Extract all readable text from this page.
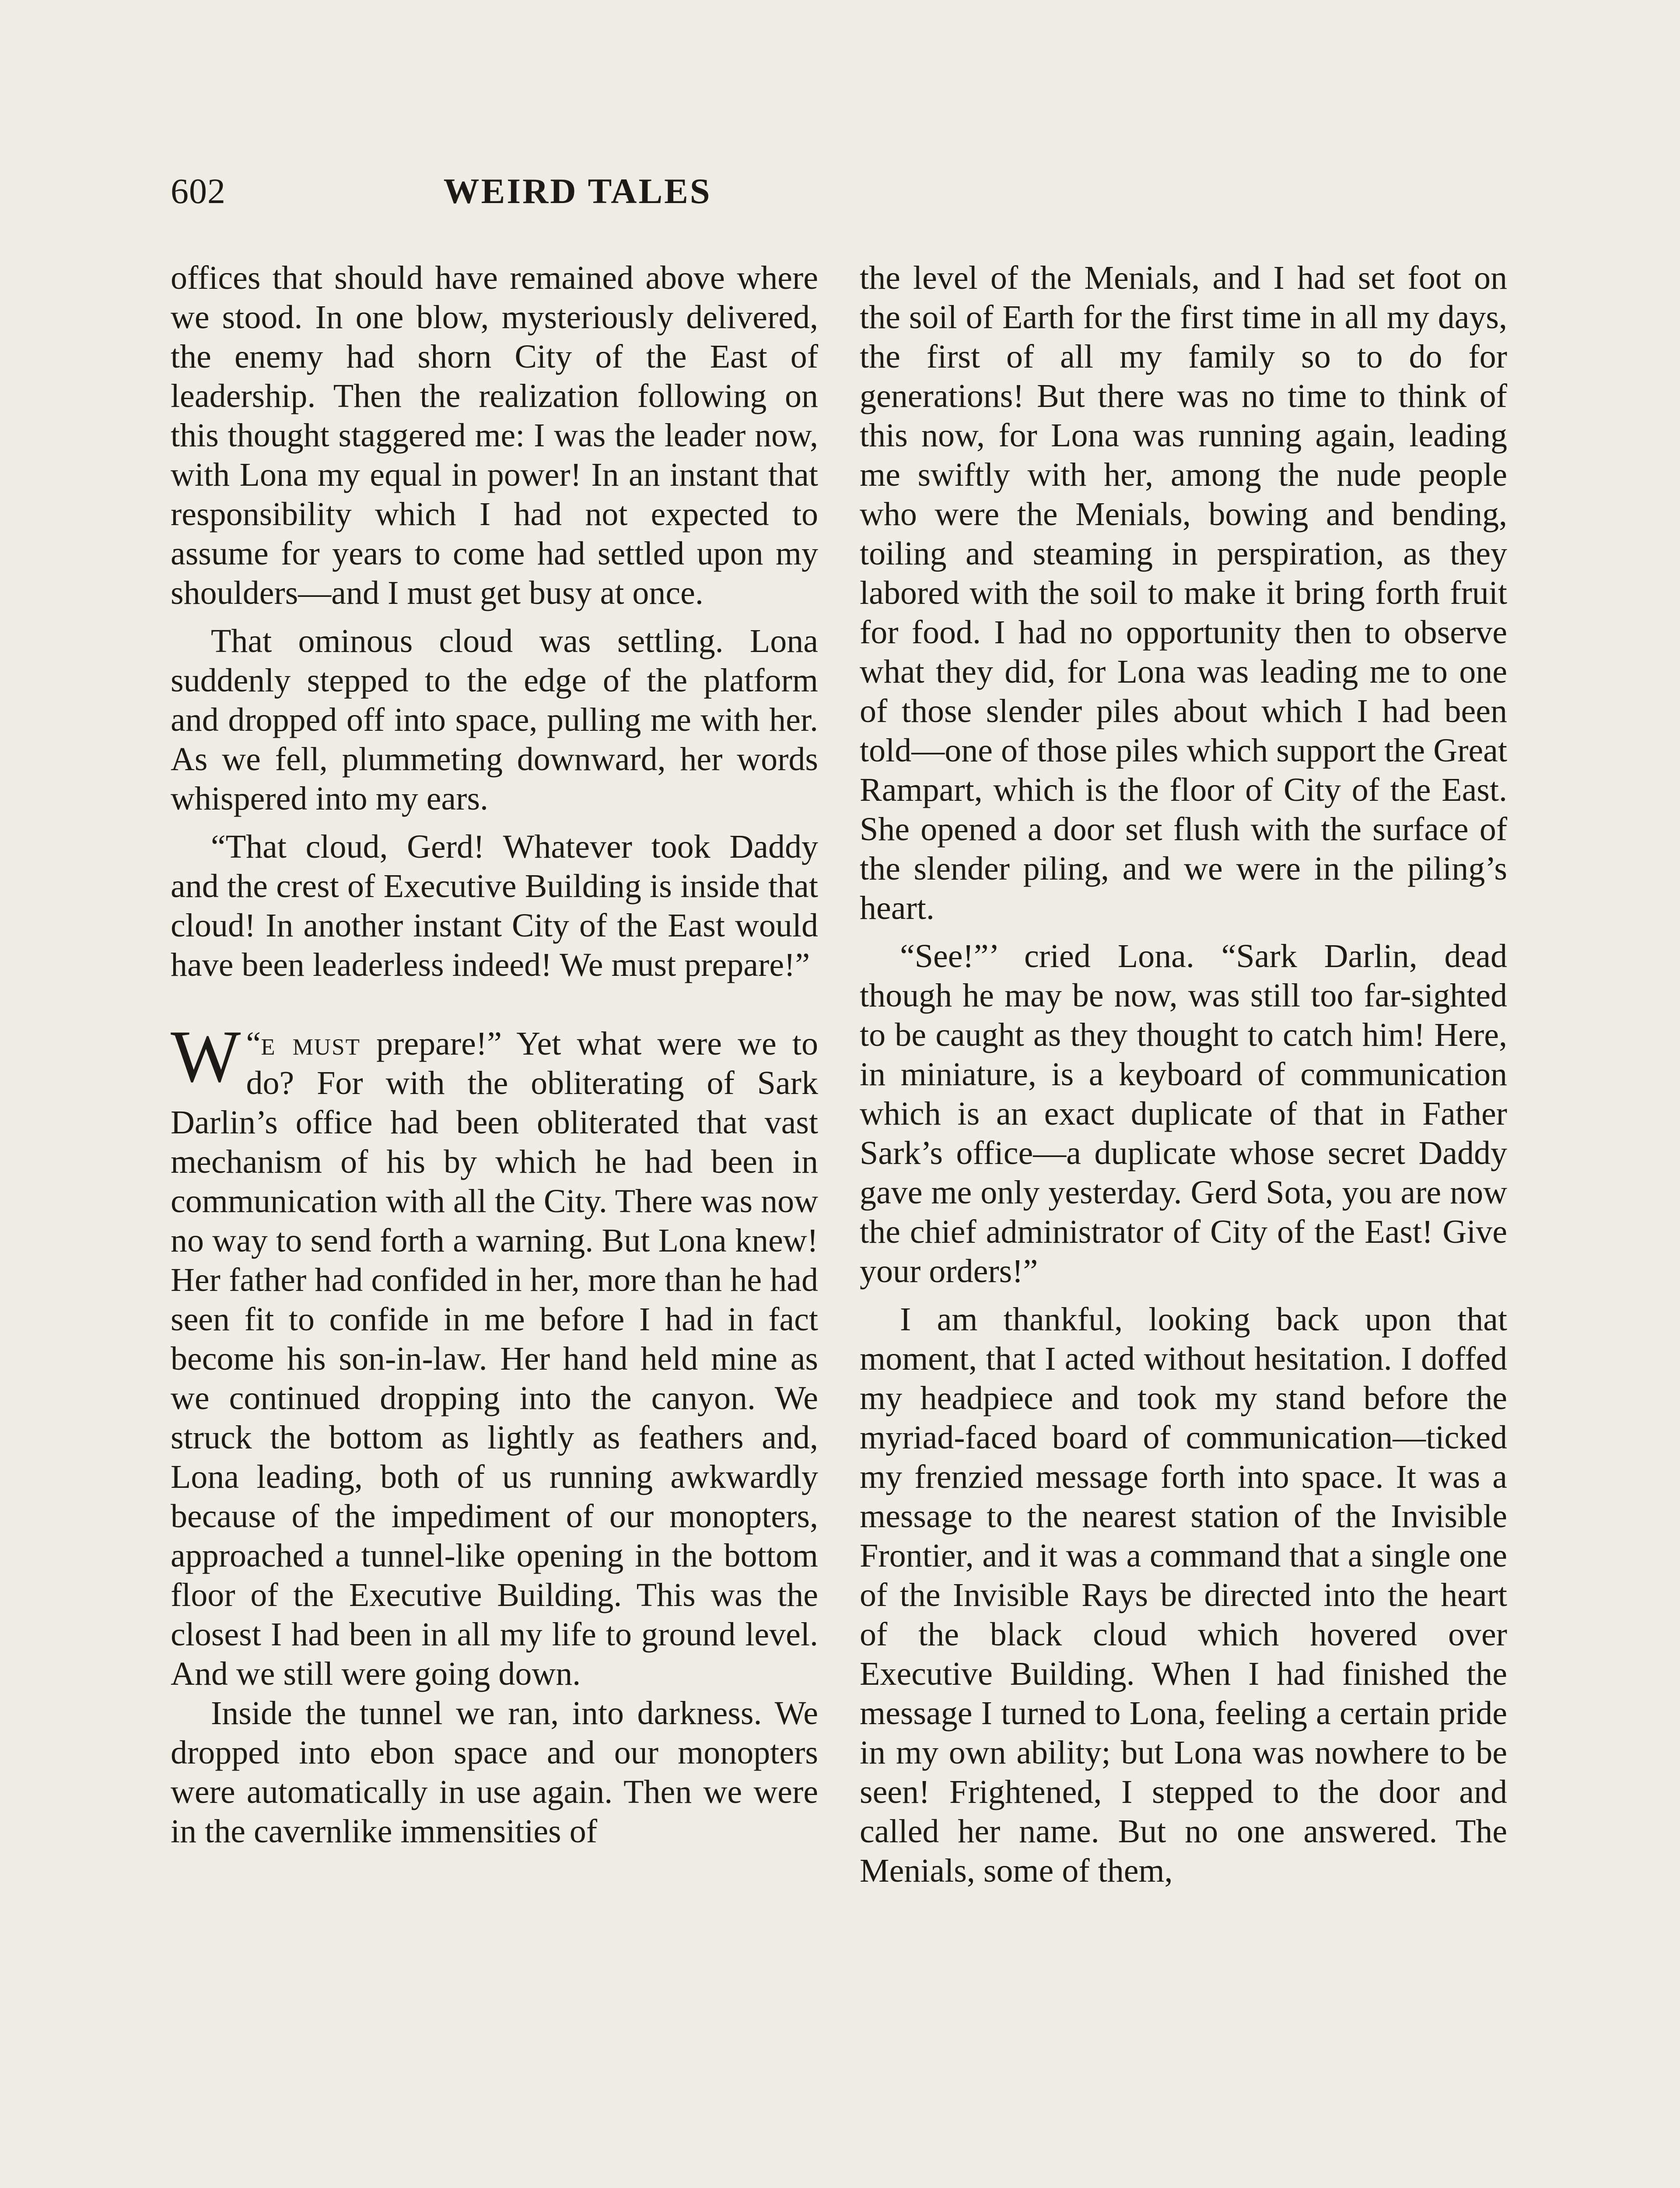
602	WEIRD TALES

offices that should have remained above where we stood. In one blow, mysteriously delivered, the enemy had shorn City of the East of leadership. Then the realization following on this thought staggered me: I was the leader now, with Lona my equal in power! In an instant that responsibility which I had not expected to assume for years to come had settled upon my shoulders—and I must get busy at once.

That ominous cloud was settling. Lona suddenly stepped to the edge of the platform and dropped off into space, pulling me with her. As we fell, plummeting downward, her words whispered into my ears.

“That cloud, Gerd! Whatever took Daddy and the crest of Executive Building is inside that cloud! In another instant City of the East would have been leaderless indeed! We must prepare!”

“
W e must prepare!” Yet what were we to do? For with the obliterating of Sark Darlin’s office had been obliterated that vast mechanism of his by which he had been in communication with all the City. There was now no way to send forth a warning. But Lona knew! Her father had confided in her, more than he had seen fit to confide in me before I had in fact become his son-in-law. Her hand held mine as we continued dropping into the canyon. We struck the bottom as lightly as feathers and, Lona leading, both of us running awkwardly because of the impediment of our monopters, approached a tunnel-like opening in the bottom floor of the Executive Building. This was the closest I had been in all my life to ground level. And we still were going down.

Inside the tunnel we ran, into darkness. We dropped into ebon space and our monopters were automatically in use again. Then we were in the cavernlike immensities of

the level of the Menials, and I had set foot on the soil of Earth for the first time in all my days, the first of all my family so to do for generations! But there was no time to think of this now, for Lona was running again, leading me swiftly with her, among the nude people who were the Menials, bowing and bending, toiling and steaming in perspiration, as they labored with the soil to make it bring forth fruit for food. I had no opportunity then to observe what they did, for Lona was leading me to one of those slender piles about which I had been told—one of those piles which support the Great Rampart, which is the floor of City of the East. She opened a door set flush with the surface of the slender piling, and we were in the piling’s heart.

“See!”’ cried Lona. “Sark Darlin, dead though he may be now, was still too far-sighted to be caught as they thought to catch him! Here, in miniature, is a keyboard of communication which is an exact duplicate of that in Father Sark’s office—a duplicate whose secret Daddy gave me only yesterday. Gerd Sota, you are now the chief administrator of City of the East! Give your orders!”

I am thankful, looking back upon that moment, that I acted without hesitation. I doffed my headpiece and took my stand before the myriad-faced board of communication—ticked my frenzied message forth into space. It was a message to the nearest station of the Invisible Frontier, and it was a command that a single one of the Invisible Rays be directed into the heart of the black cloud which hovered over Executive Building. When I had finished the message I turned to Lona, feeling a certain pride in my own ability; but Lona was nowhere to be seen! Frightened, I stepped to the door and called her name. But no one answered. The Menials, some of them,
